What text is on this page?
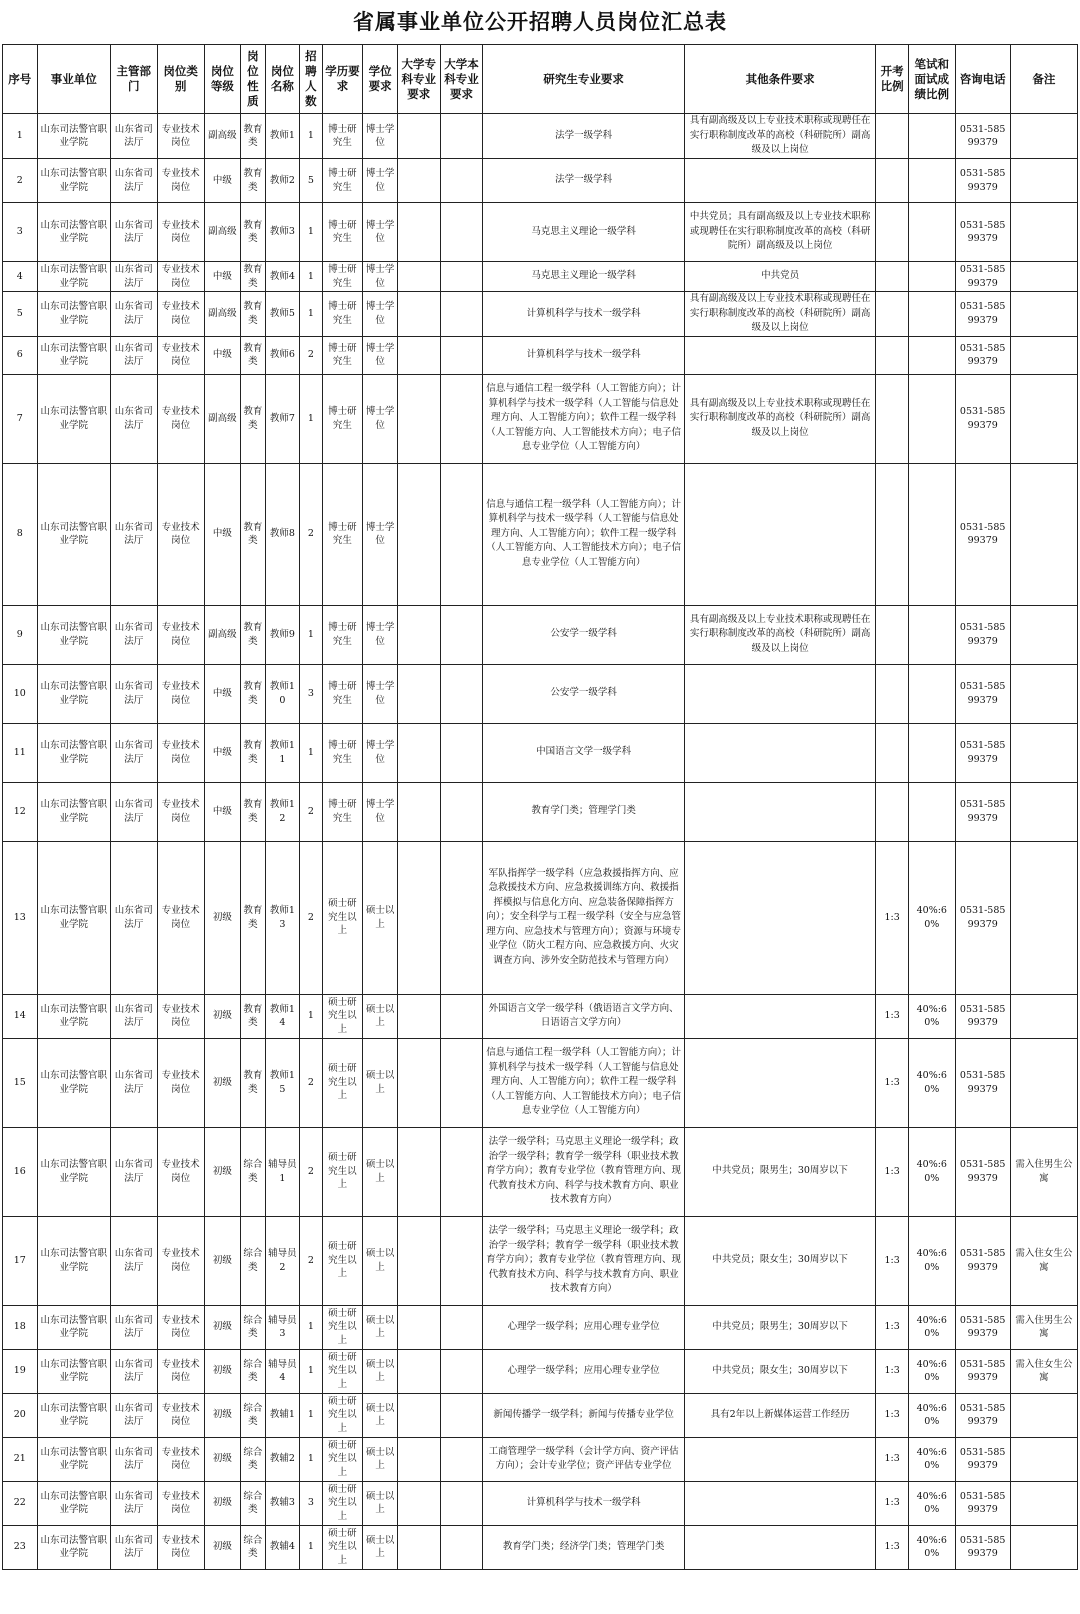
省属事业单位公开招聘人员岗位汇总表
序号	事业单位	主管部门	岗位类别	岗位等级	岗位性质	岗位名称	招聘人数	学历要求	学位要求	大学专科专业要求	大学本科专业要求	研究生专业要求	其他条件要求	开考比例	笔试和面试成绩比例	咨询电话	备注
1	山东司法警官职业学院	山东省司法厅	专业技术岗位	副高级	教育类	教师1	1	博士研究生	博士学位			法学一级学科	具有副高级及以上专业技术职称或现聘任在实行职称制度改革的高校（科研院所）副高级及以上岗位			0531-58599379	
2	山东司法警官职业学院	山东省司法厅	专业技术岗位	中级	教育类	教师2	5	博士研究生	博士学位			法学一级学科				0531-58599379	
3	山东司法警官职业学院	山东省司法厅	专业技术岗位	副高级	教育类	教师3	1	博士研究生	博士学位			马克思主义理论一级学科	中共党员；具有副高级及以上专业技术职称或现聘任在实行职称制度改革的高校（科研院所）副高级及以上岗位			0531-58599379	
4	山东司法警官职业学院	山东省司法厅	专业技术岗位	中级	教育类	教师4	1	博士研究生	博士学位			马克思主义理论一级学科	中共党员			0531-58599379	
5	山东司法警官职业学院	山东省司法厅	专业技术岗位	副高级	教育类	教师5	1	博士研究生	博士学位			计算机科学与技术一级学科	具有副高级及以上专业技术职称或现聘任在实行职称制度改革的高校（科研院所）副高级及以上岗位			0531-58599379	
6	山东司法警官职业学院	山东省司法厅	专业技术岗位	中级	教育类	教师6	2	博士研究生	博士学位			计算机科学与技术一级学科				0531-58599379	
7	山东司法警官职业学院	山东省司法厅	专业技术岗位	副高级	教育类	教师7	1	博士研究生	博士学位			信息与通信工程一级学科（人工智能方向）；计算机科学与技术一级学科（人工智能与信息处理方向、人工智能方向）；软件工程一级学科（人工智能方向、人工智能技术方向）；电子信息专业学位（人工智能方向）	具有副高级及以上专业技术职称或现聘任在实行职称制度改革的高校（科研院所）副高级及以上岗位			0531-58599379	
8	山东司法警官职业学院	山东省司法厅	专业技术岗位	中级	教育类	教师8	2	博士研究生	博士学位			信息与通信工程一级学科（人工智能方向）；计算机科学与技术一级学科（人工智能与信息处理方向、人工智能方向）；软件工程一级学科（人工智能方向、人工智能技术方向）；电子信息专业学位（人工智能方向）				0531-58599379	
9	山东司法警官职业学院	山东省司法厅	专业技术岗位	副高级	教育类	教师9	1	博士研究生	博士学位			公安学一级学科	具有副高级及以上专业技术职称或现聘任在实行职称制度改革的高校（科研院所）副高级及以上岗位			0531-58599379	
10	山东司法警官职业学院	山东省司法厅	专业技术岗位	中级	教育类	教师10	3	博士研究生	博士学位			公安学一级学科				0531-58599379	
11	山东司法警官职业学院	山东省司法厅	专业技术岗位	中级	教育类	教师11	1	博士研究生	博士学位			中国语言文学一级学科				0531-58599379	
12	山东司法警官职业学院	山东省司法厅	专业技术岗位	中级	教育类	教师12	2	博士研究生	博士学位			教育学门类；管理学门类				0531-58599379	
13	山东司法警官职业学院	山东省司法厅	专业技术岗位	初级	教育类	教师13	2	硕士研究生以上	硕士以上			军队指挥学一级学科（应急救援指挥方向、应急救援技术方向、应急救援训练方向、救援指挥模拟与信息化方向、应急装备保障指挥方向）；安全科学与工程一级学科（安全与应急管理方向、应急技术与管理方向）；资源与环境专业学位（防火工程方向、应急救援方向、火灾调查方向、涉外安全防范技术与管理方向）		1:3	40%:60%	0531-58599379	
14	山东司法警官职业学院	山东省司法厅	专业技术岗位	初级	教育类	教师14	1	硕士研究生以上	硕士以上			外国语言文学一级学科（俄语语言文学方向、日语语言文学方向）		1:3	40%:60%	0531-58599379	
15	山东司法警官职业学院	山东省司法厅	专业技术岗位	初级	教育类	教师15	2	硕士研究生以上	硕士以上			信息与通信工程一级学科（人工智能方向）；计算机科学与技术一级学科（人工智能与信息处理方向、人工智能方向）；软件工程一级学科（人工智能方向、人工智能技术方向）；电子信息专业学位（人工智能方向）		1:3	40%:60%	0531-58599379	
16	山东司法警官职业学院	山东省司法厅	专业技术岗位	初级	综合类	辅导员1	2	硕士研究生以上	硕士以上			法学一级学科；马克思主义理论一级学科；政治学一级学科；教育学一级学科（职业技术教育学方向）；教育专业学位（教育管理方向、现代教育技术方向、科学与技术教育方向、职业技术教育方向）	中共党员；限男生；30周岁以下	1:3	40%:60%	0531-58599379	需入住男生公寓
17	山东司法警官职业学院	山东省司法厅	专业技术岗位	初级	综合类	辅导员2	2	硕士研究生以上	硕士以上			法学一级学科；马克思主义理论一级学科；政治学一级学科；教育学一级学科（职业技术教育学方向）；教育专业学位（教育管理方向、现代教育技术方向、科学与技术教育方向、职业技术教育方向）	中共党员；限女生；30周岁以下	1:3	40%:60%	0531-58599379	需入住女生公寓
18	山东司法警官职业学院	山东省司法厅	专业技术岗位	初级	综合类	辅导员3	1	硕士研究生以上	硕士以上			心理学一级学科；应用心理专业学位	中共党员；限男生；30周岁以下	1:3	40%:60%	0531-58599379	需入住男生公寓
19	山东司法警官职业学院	山东省司法厅	专业技术岗位	初级	综合类	辅导员4	1	硕士研究生以上	硕士以上			心理学一级学科；应用心理专业学位	中共党员；限女生；30周岁以下	1:3	40%:60%	0531-58599379	需入住女生公寓
20	山东司法警官职业学院	山东省司法厅	专业技术岗位	初级	综合类	教辅1	1	硕士研究生以上	硕士以上			新闻传播学一级学科；新闻与传播专业学位	具有2年以上新媒体运营工作经历	1:3	40%:60%	0531-58599379	
21	山东司法警官职业学院	山东省司法厅	专业技术岗位	初级	综合类	教辅2	1	硕士研究生以上	硕士以上			工商管理学一级学科（会计学方向、资产评估方向）；会计专业学位；资产评估专业学位		1:3	40%:60%	0531-58599379	
22	山东司法警官职业学院	山东省司法厅	专业技术岗位	初级	综合类	教辅3	3	硕士研究生以上	硕士以上			计算机科学与技术一级学科		1:3	40%:60%	0531-58599379	
23	山东司法警官职业学院	山东省司法厅	专业技术岗位	初级	综合类	教辅4	1	硕士研究生以上	硕士以上			教育学门类；经济学门类；管理学门类		1:3	40%:60%	0531-58599379	
